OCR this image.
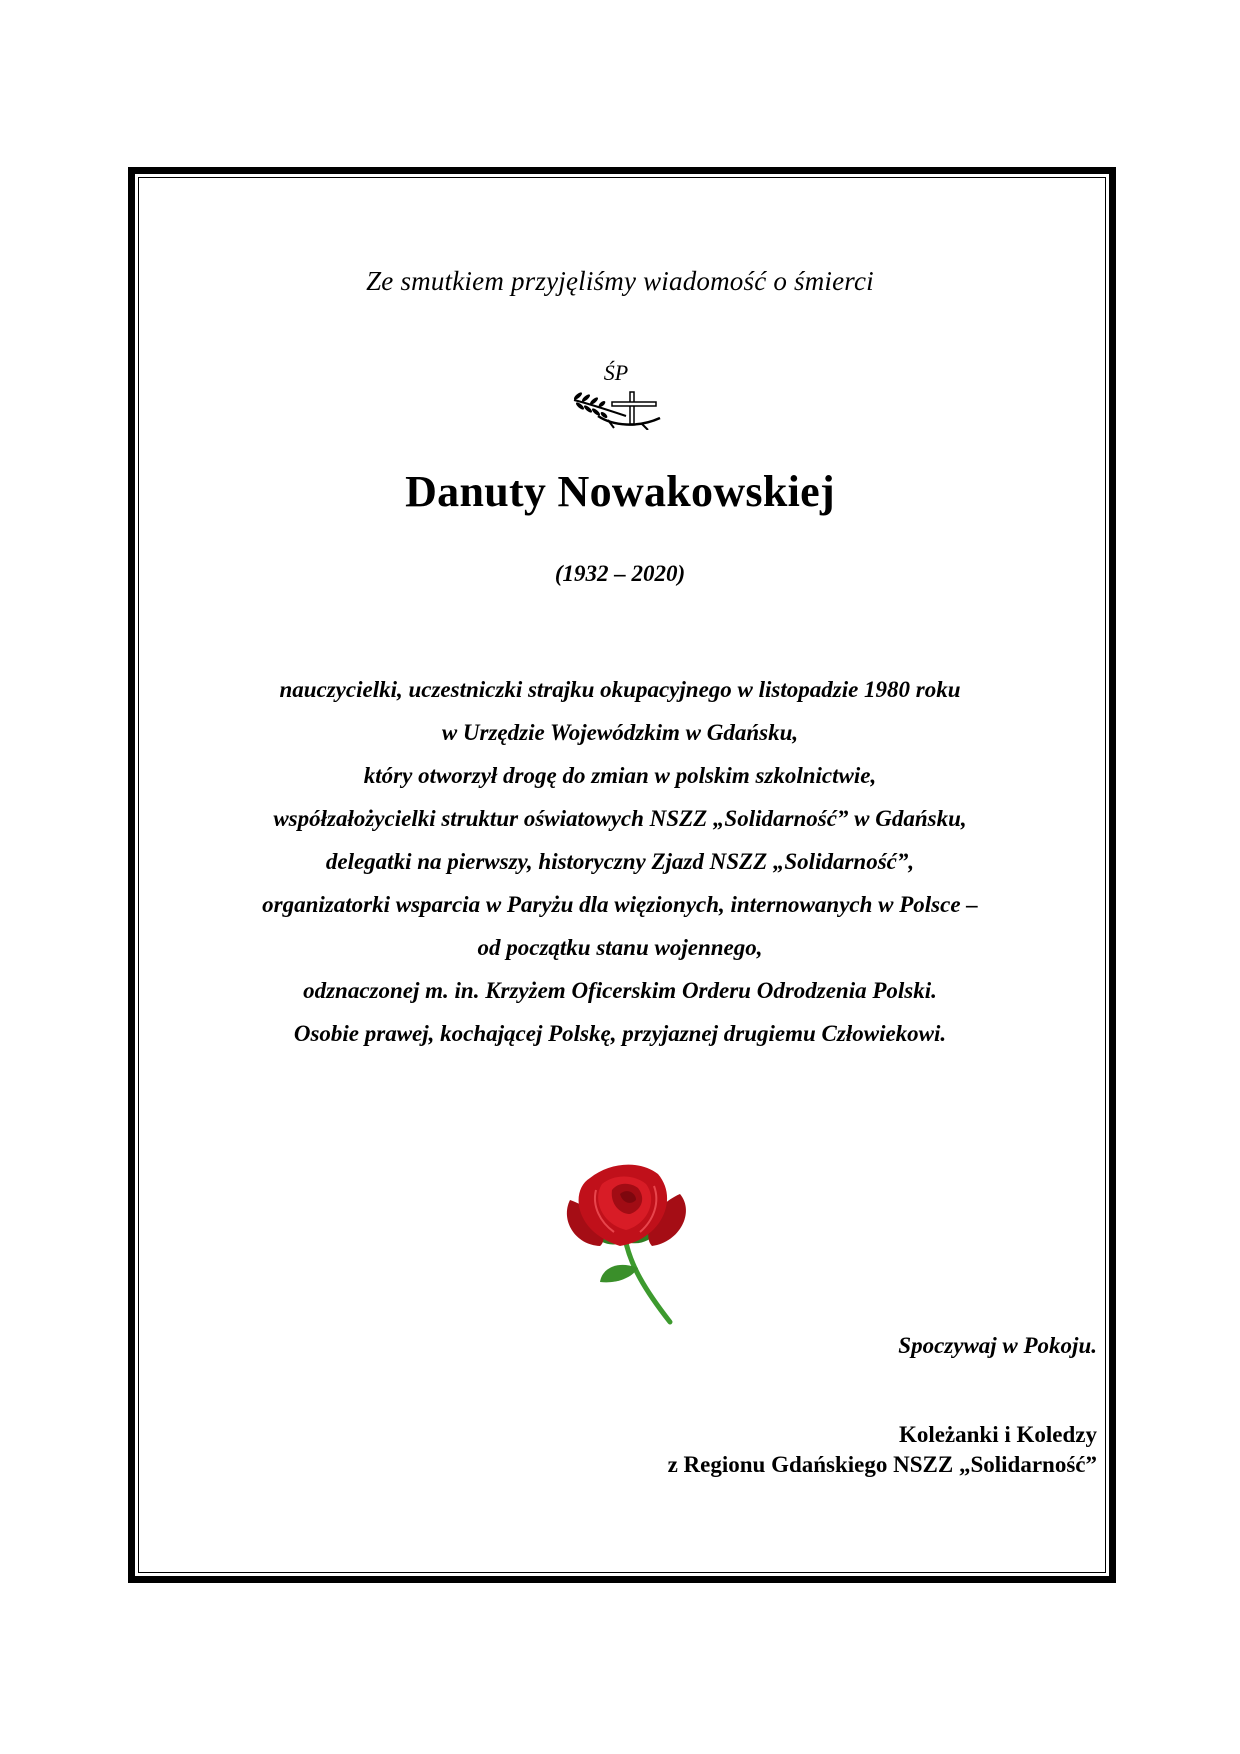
Ze smutkiem przyjęliśmy wiadomość o śmierci
ŚP
Danuty Nowakowskiej
(1932 – 2020)
nauczycielki, uczestniczki strajku okupacyjnego w listopadzie 1980 roku
w Urzędzie Wojewódzkim w Gdańsku,
który otworzył drogę do zmian w polskim szkolnictwie,
współzałożycielki struktur oświatowych NSZZ „Solidarność” w Gdańsku,
delegatki na pierwszy, historyczny Zjazd NSZZ „Solidarność”,
organizatorki wsparcia w Paryżu dla więzionych, internowanych w Polsce –
od początku stanu wojennego,
odznaczonej m. in. Krzyżem Oficerskim Orderu Odrodzenia Polski.
Osobie prawej, kochającej Polskę, przyjaznej drugiemu Człowiekowi.
Spoczywaj w Pokoju.
Koleżanki i Koledzy
z Regionu Gdańskiego NSZZ „Solidarność”
